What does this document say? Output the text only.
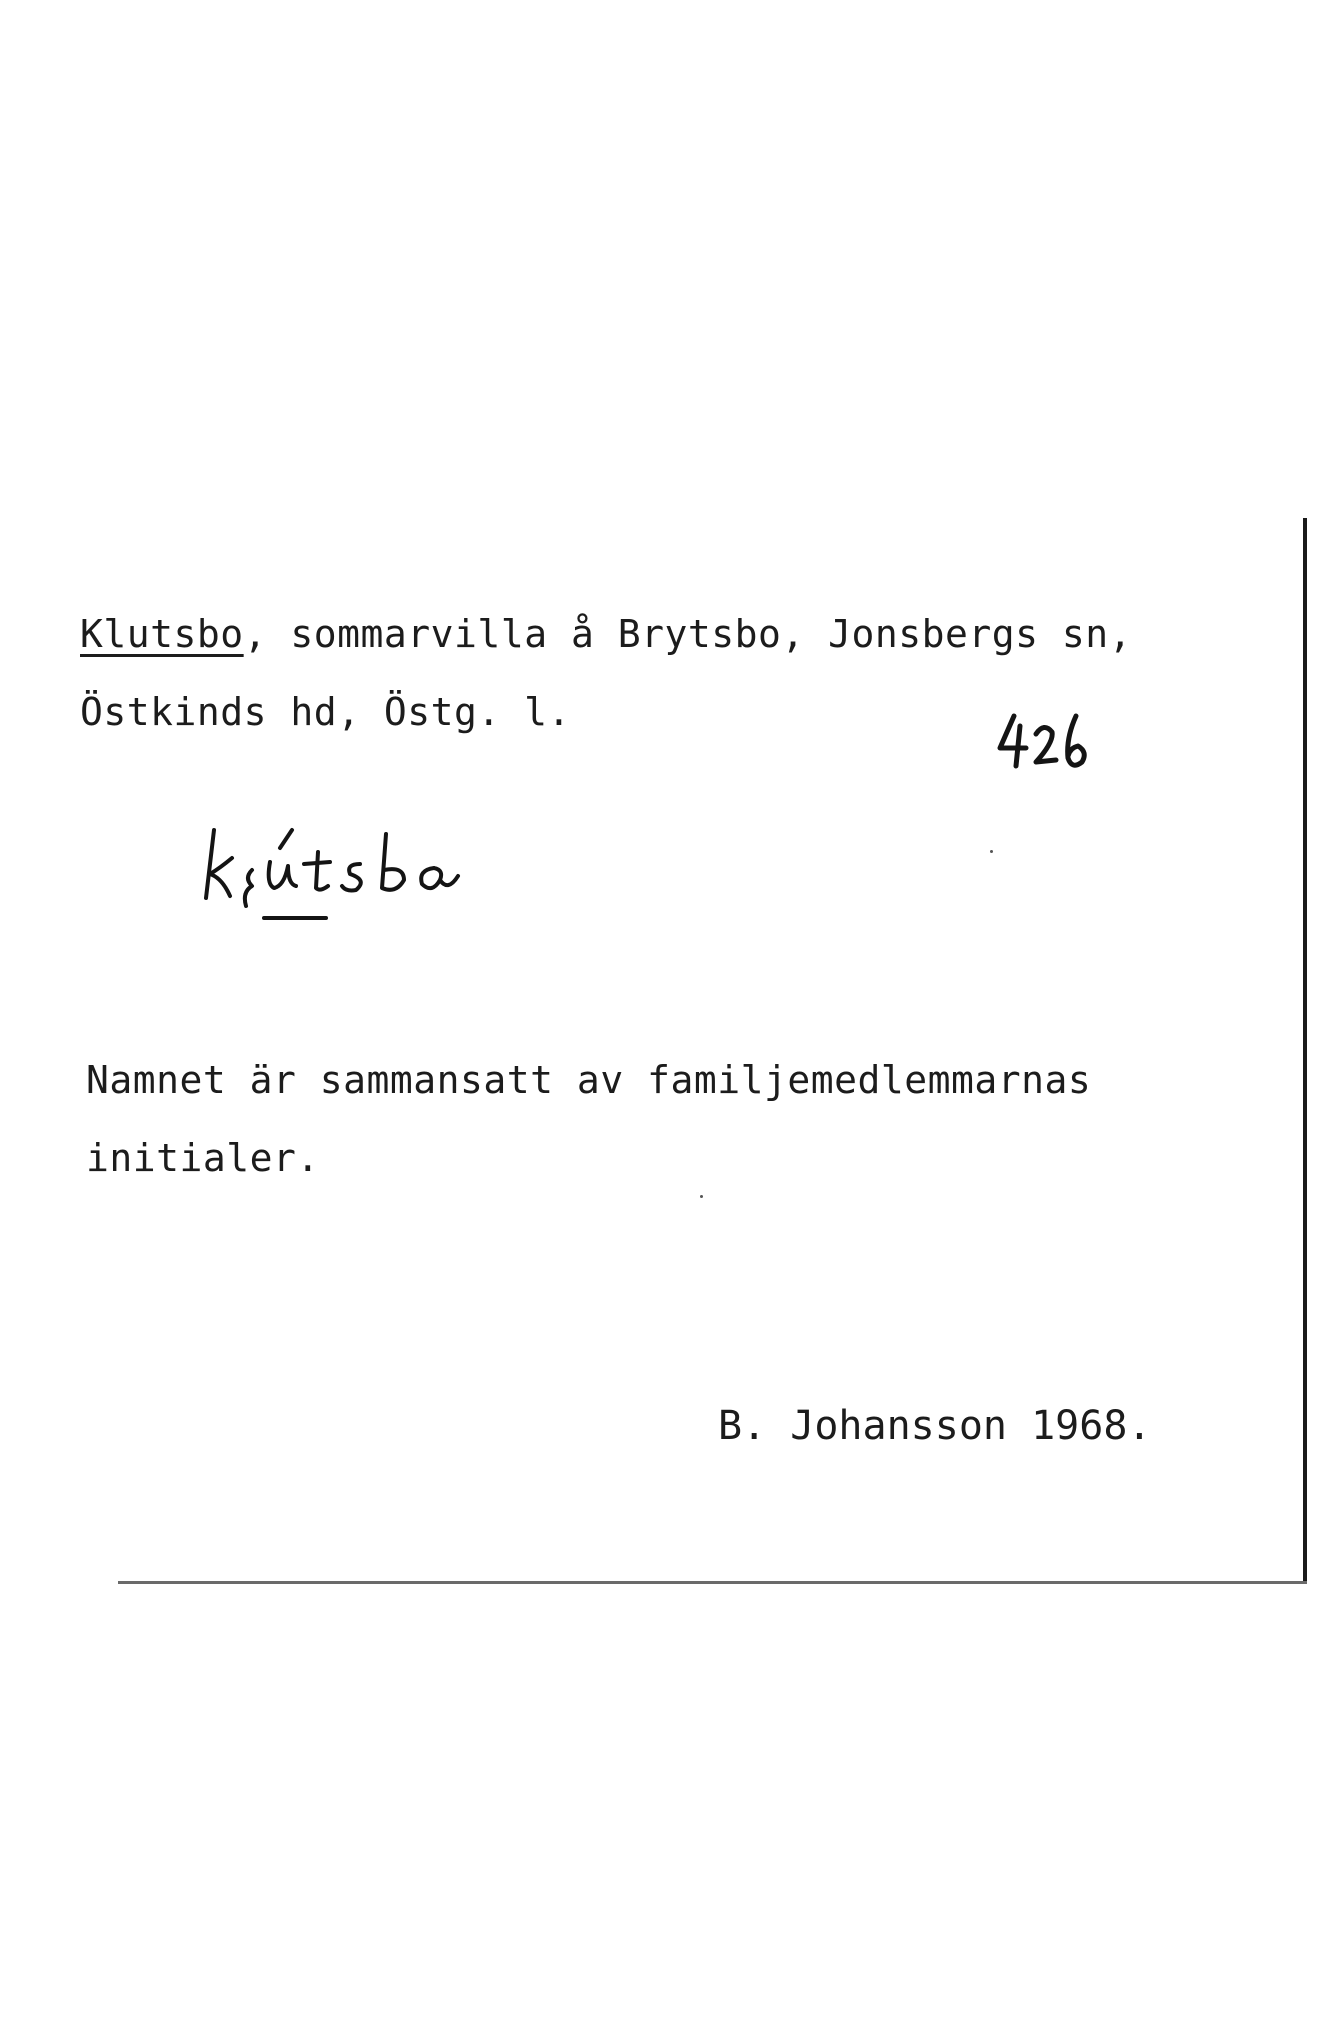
Klutsbo, sommarvilla å Brytsbo, Jonsbergs sn,
Östkinds hd, Östg. l.
Namnet är sammansatt av familjemedlemmarnas
initialer.
B. Johansson 1968.
